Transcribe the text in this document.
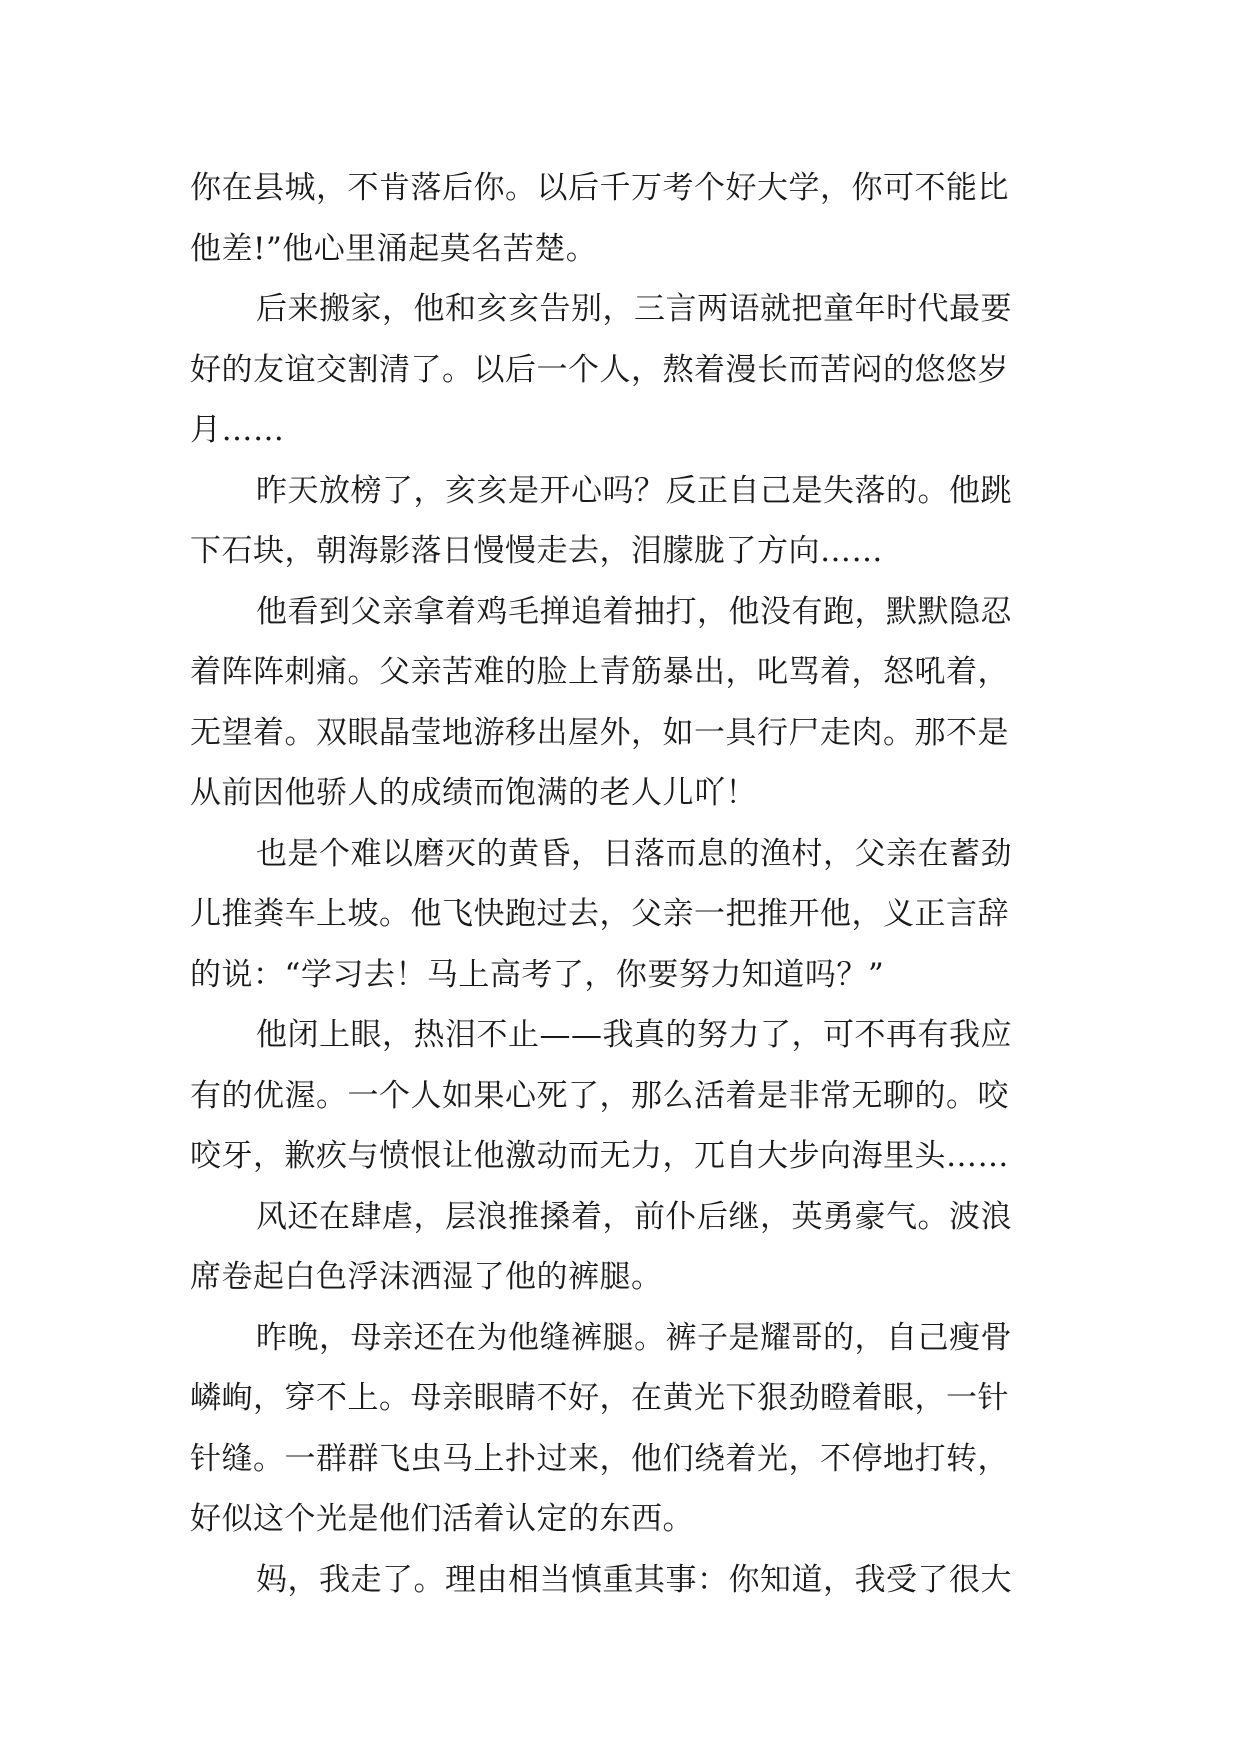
你在县城，不肯落后你。以后千万考个好大学，你可不能比
他差!”他心里涌起莫名苦楚。
后来搬家，他和亥亥告别，三言两语就把童年时代最要
好的友谊交割清了。以后一个人，熬着漫长而苦闷的悠悠岁
月……
昨天放榜了，亥亥是开心吗？反正自己是失落的。他跳
下石块，朝海影落日慢慢走去，泪朦胧了方向……
他看到父亲拿着鸡毛掸追着抽打，他没有跑，默默隐忍
着阵阵刺痛。父亲苦难的脸上青筋暴出，叱骂着，怒吼着，
无望着。双眼晶莹地游移出屋外，如一具行尸走肉。那不是
从前因他骄人的成绩而饱满的老人儿吖！
也是个难以磨灭的黄昏，日落而息的渔村，父亲在蓄劲
儿推粪车上坡。他飞快跑过去，父亲一把推开他，义正言辞
的说：“学习去！马上高考了，你要努力知道吗？”
他闭上眼，热泪不止——我真的努力了，可不再有我应
有的优渥。一个人如果心死了，那么活着是非常无聊的。咬
咬牙，歉疚与愤恨让他激动而无力，兀自大步向海里头……
风还在肆虐，层浪推搡着，前仆后继，英勇豪气。波浪
席卷起白色浮沫洒湿了他的裤腿。
昨晚，母亲还在为他缝裤腿。裤子是耀哥的，自己瘦骨
嶙峋，穿不上。母亲眼睛不好，在黄光下狠劲瞪着眼，一针
针缝。一群群飞虫马上扑过来，他们绕着光，不停地打转，
好似这个光是他们活着认定的东西。
妈，我走了。理由相当慎重其事：你知道，我受了很大
